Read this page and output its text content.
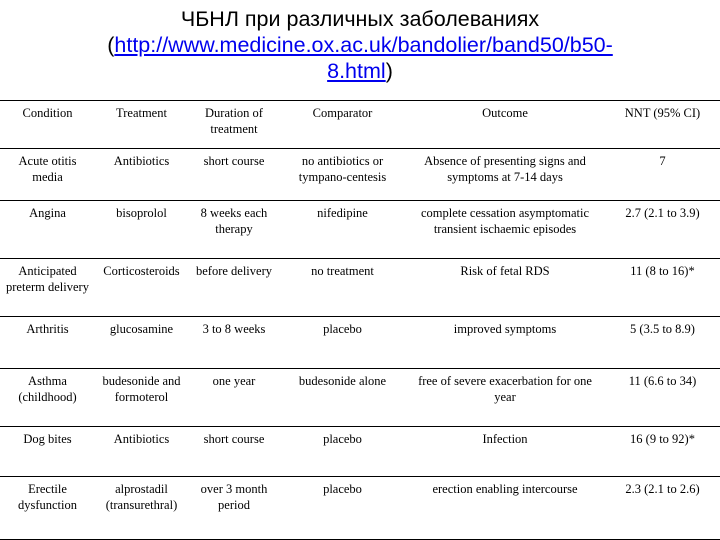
ЧБНЛ при различных заболеваниях
(http://www.medicine.ox.ac.uk/bandolier/band50/b50-
8.html)
Condition	Treatment	Duration of treatment	Comparator	Outcome	NNT (95% CI)
Acute otitis media	Antibiotics	short course	no antibiotics or tympano-centesis	Absence of presenting signs and symptoms at 7-14 days	7
Angina	bisoprolol	8 weeks each therapy	nifedipine	complete cessation asymptomatic transient ischaemic episodes	2.7 (2.1 to 3.9)
Anticipated preterm delivery	Corticosteroids	before delivery	no treatment	Risk of fetal RDS	11 (8 to 16)*
Arthritis	glucosamine	3 to 8 weeks	placebo	improved symptoms	5 (3.5 to 8.9)
Asthma (childhood)	budesonide and formoterol	one year	budesonide alone	free of severe exacerbation for one year	11 (6.6 to 34)
Dog bites	Antibiotics	short course	placebo	Infection	16 (9 to 92)*
Erectile dysfunction	alprostadil (transurethral)	over 3 month period	placebo	erection enabling intercourse	2.3 (2.1 to 2.6)
